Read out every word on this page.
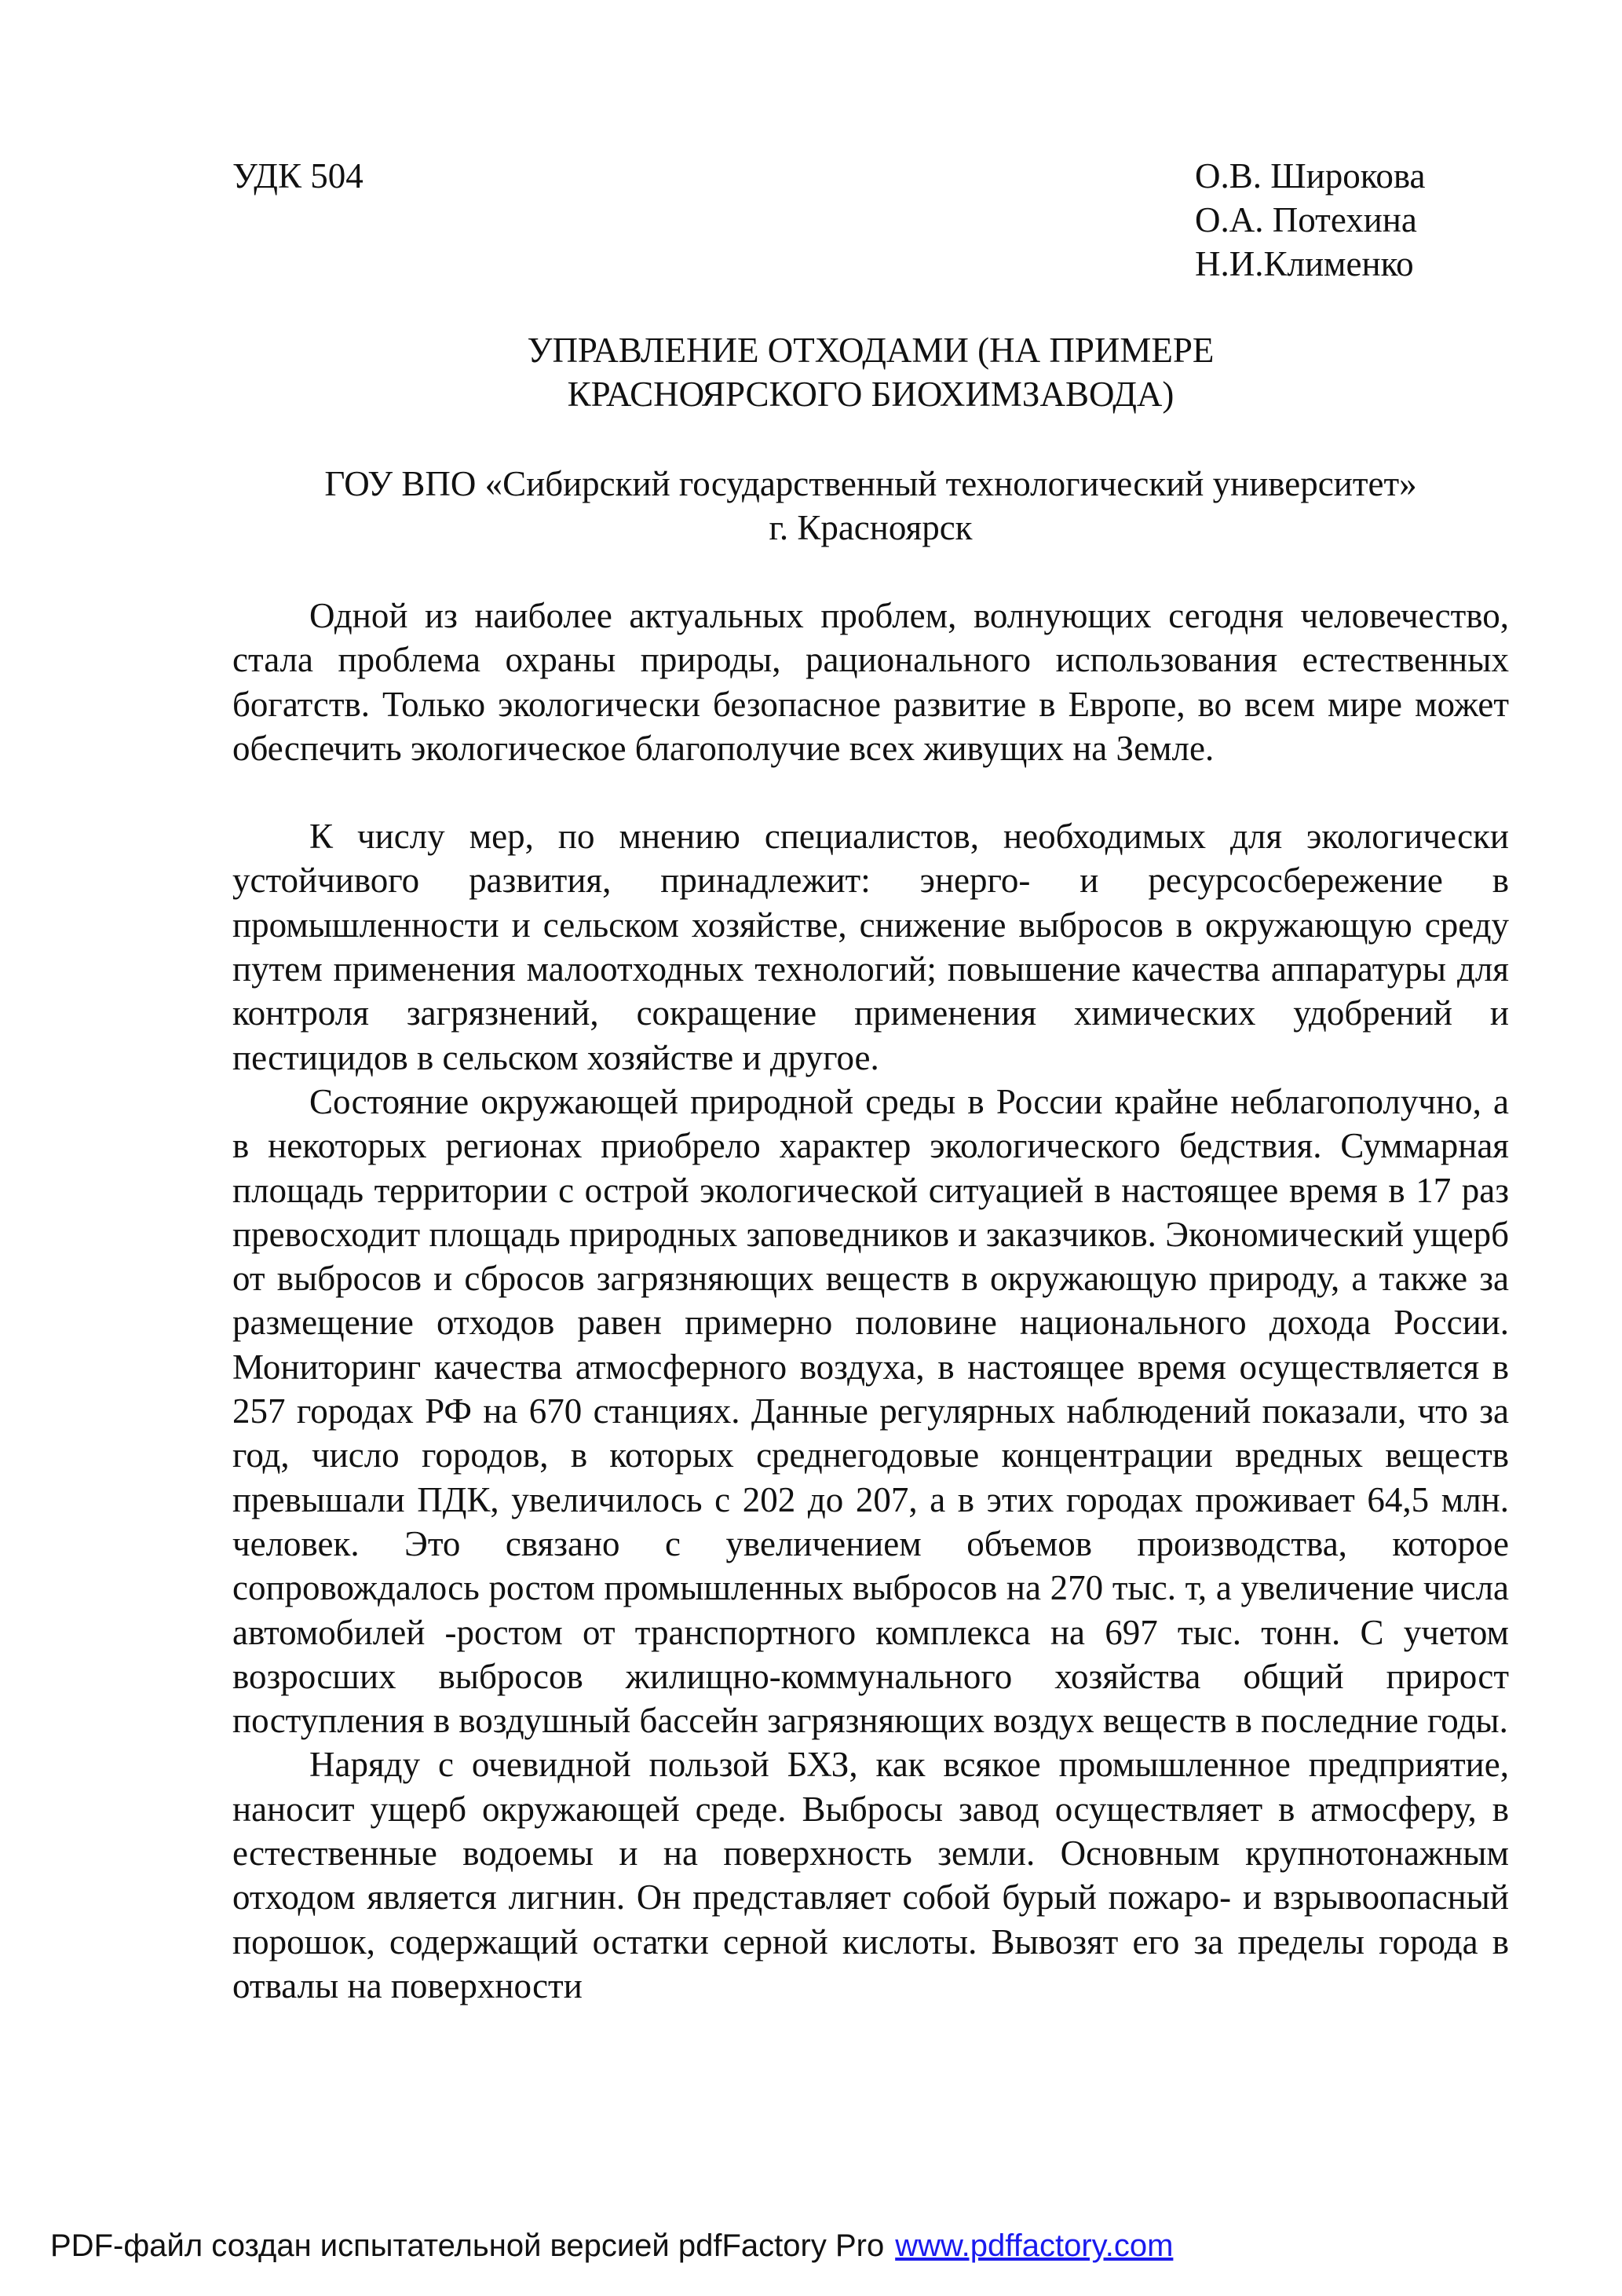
УДК 504	О.В. Широкова
О.А. Потехина
Н.И.Клименко
УПРАВЛЕНИЕ ОТХОДАМИ (НА ПРИМЕРЕ
КРАСНОЯРСКОГО БИОХИМЗАВОДА)
ГОУ ВПО «Сибирский государственный технологический университет»
г. Красноярск

Одной из наиболее актуальных проблем, волнующих сегодня человечество, стала проблема охраны природы, рационального использования естественных богатств. Только экологически безопасное развитие в Европе, во всем мире может обеспечить экологическое благополучие всех живущих на Земле.

К числу мер, по мнению специалистов, необходимых для экологически устойчивого развития, принадлежит: энерго- и ресурсосбережение в промышленности и сельском хозяйстве, снижение выбросов в окружающую среду путем применения малоотходных технологий; повышение качества аппаратуры для контроля загрязнений, сокращение применения химических удобрений и пестицидов в сельском хозяйстве и другое.

Состояние окружающей природной среды в России крайне неблагополучно, а в некоторых регионах приобрело характер экологического бедствия. Суммарная площадь территории с острой экологической ситуацией в настоящее время в 17 раз превосходит площадь природных заповедников и заказчиков. Экономический ущерб от выбросов и сбросов загрязняющих веществ в окружающую природу, а также за размещение отходов равен примерно половине национального дохода России. Мониторинг качества атмосферного воздуха, в настоящее время осуществляется в 257 городах РФ на 670 станциях. Данные регулярных наблюдений показали, что за год, число городов, в которых среднегодовые концентрации вредных веществ превышали ПДК, увеличилось с 202 до 207, а в этих городах проживает 64,5 млн. человек. Это связано с увеличением объемов производства, которое сопровождалось ростом промышленных выбросов на 270 тыс. т, а увеличение числа автомобилей -ростом от транспортного комплекса на 697 тыс. тонн. С учетом возросших выбросов жилищно-коммунального хозяйства общий прирост поступления в воздушный бассейн загрязняющих воздух веществ в последние годы.

Наряду с очевидной пользой БХЗ, как всякое промышленное предприятие, наносит ущерб окружающей среде. Выбросы завод осуществляет в атмосферу, в естественные водоемы и на поверхность земли. Основным крупнотонажным отходом является лигнин. Он представляет собой бурый пожаро- и взрывоопасный порошок, содержащий остатки серной кислоты. Вывозят его за пределы города в отвалы на поверхности

PDF-файл создан испытательной версией pdfFactory Pro www.pdffactory.com
